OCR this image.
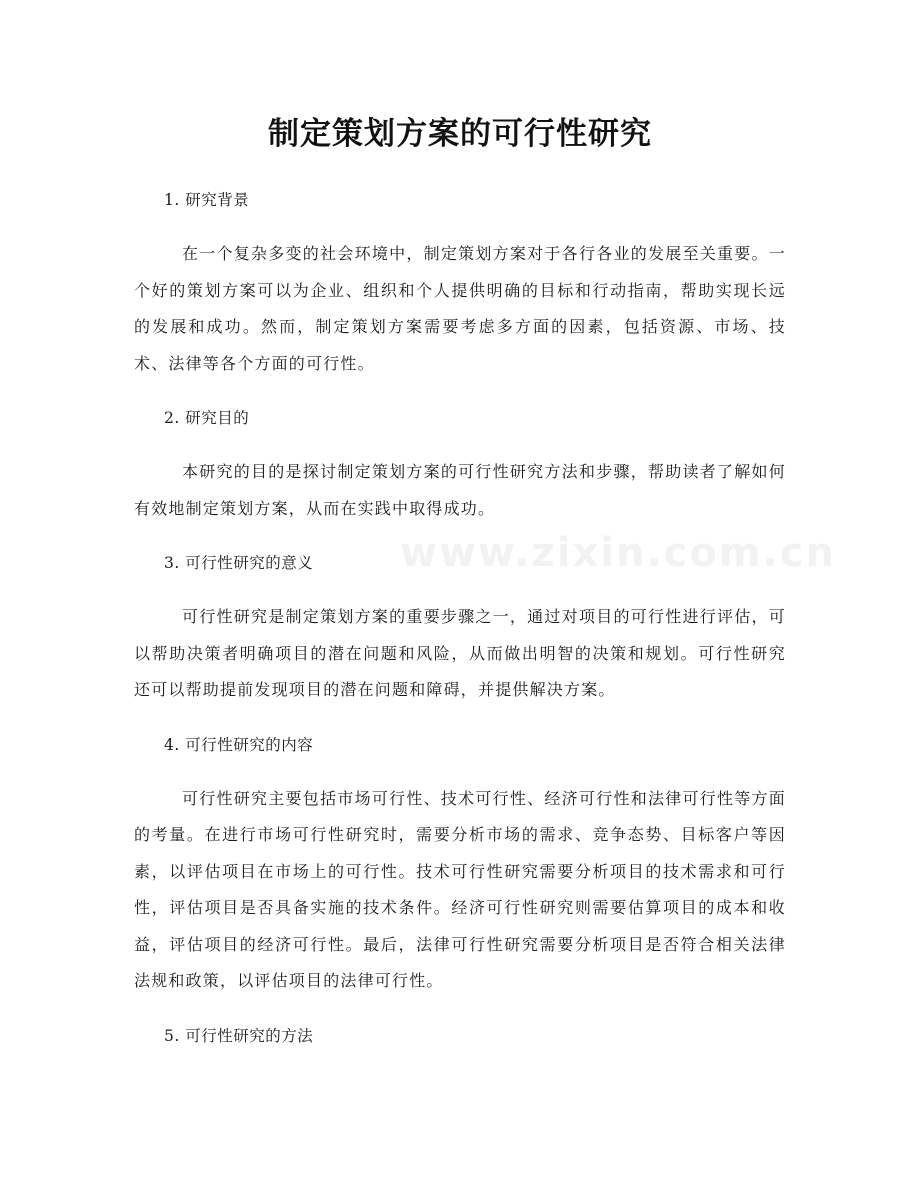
制定策划方案的可行性研究

1. 研究背景

在一个复杂多变的社会环境中，制定策划方案对于各行各业的发展至关重要。一个好的策划方案可以为企业、组织和个人提供明确的目标和行动指南，帮助实现长远的发展和成功。然而，制定策划方案需要考虑多方面的因素，包括资源、市场、技术、法律等各个方面的可行性。

2. 研究目的

本研究的目的是探讨制定策划方案的可行性研究方法和步骤，帮助读者了解如何有效地制定策划方案，从而在实践中取得成功。

3. 可行性研究的意义

可行性研究是制定策划方案的重要步骤之一，通过对项目的可行性进行评估，可以帮助决策者明确项目的潜在问题和风险，从而做出明智的决策和规划。可行性研究还可以帮助提前发现项目的潜在问题和障碍，并提供解决方案。

4. 可行性研究的内容

可行性研究主要包括市场可行性、技术可行性、经济可行性和法律可行性等方面的考量。在进行市场可行性研究时，需要分析市场的需求、竞争态势、目标客户等因素，以评估项目在市场上的可行性。技术可行性研究需要分析项目的技术需求和可行性，评估项目是否具备实施的技术条件。经济可行性研究则需要估算项目的成本和收益，评估项目的经济可行性。最后，法律可行性研究需要分析项目是否符合相关法律法规和政策，以评估项目的法律可行性。

5. 可行性研究的方法

www.zixin.com.cn
